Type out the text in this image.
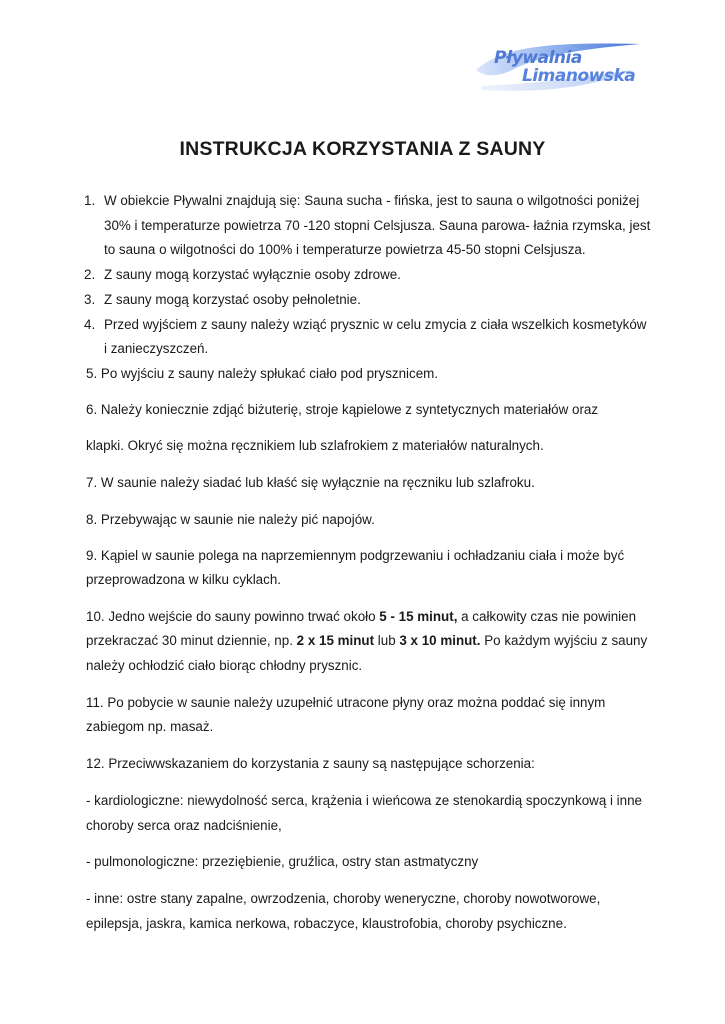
Pływalnia
Limanowska
INSTRUKCJA KORZYSTANIA Z SAUNY
1. W obiekcie Pływalni znajdują się: Sauna sucha - fińska, jest to sauna o wilgotności poniżej

30% i temperaturze powietrza 70 -120 stopni Celsjusza. Sauna parowa- łaźnia rzymska, jest

to sauna o wilgotności do 100% i temperaturze powietrza 45-50 stopni Celsjusza.

2. Z sauny mogą korzystać wyłącznie osoby zdrowe.

3. Z sauny mogą korzystać osoby pełnoletnie.

4. Przed wyjściem z sauny należy wziąć prysznic w celu zmycia z ciała wszelkich kosmetyków

i zanieczyszczeń.

5. Po wyjściu z sauny należy spłukać ciało pod prysznicem.

6. Należy koniecznie zdjąć biżuterię, stroje kąpielowe z syntetycznych materiałów oraz

klapki. Okryć się można ręcznikiem lub szlafrokiem z materiałów naturalnych.

7. W saunie należy siadać lub kłaść się wyłącznie na ręczniku lub szlafroku.

8. Przebywając w saunie nie należy pić napojów.

9. Kąpiel w saunie polega na naprzemiennym podgrzewaniu i ochładzaniu ciała i może być

przeprowadzona w kilku cyklach.

10. Jedno wejście do sauny powinno trwać około 5 - 15 minut, a całkowity czas nie powinien

przekraczać 30 minut dziennie, np. 2 x 15 minut lub 3 x 10 minut. Po każdym wyjściu z sauny

należy ochłodzić ciało biorąc chłodny prysznic.

11. Po pobycie w saunie należy uzupełnić utracone płyny oraz można poddać się innym

zabiegom np. masaż.

12. Przeciwwskazaniem do korzystania z sauny są następujące schorzenia:

- kardiologiczne: niewydolność serca, krążenia i wieńcowa ze stenokardią spoczynkową i inne

choroby serca oraz nadciśnienie,

- pulmonologiczne: przeziębienie, gruźlica, ostry stan astmatyczny

- inne: ostre stany zapalne, owrzodzenia, choroby weneryczne, choroby nowotworowe,

epilepsja, jaskra, kamica nerkowa, robaczyce, klaustrofobia, choroby psychiczne.
